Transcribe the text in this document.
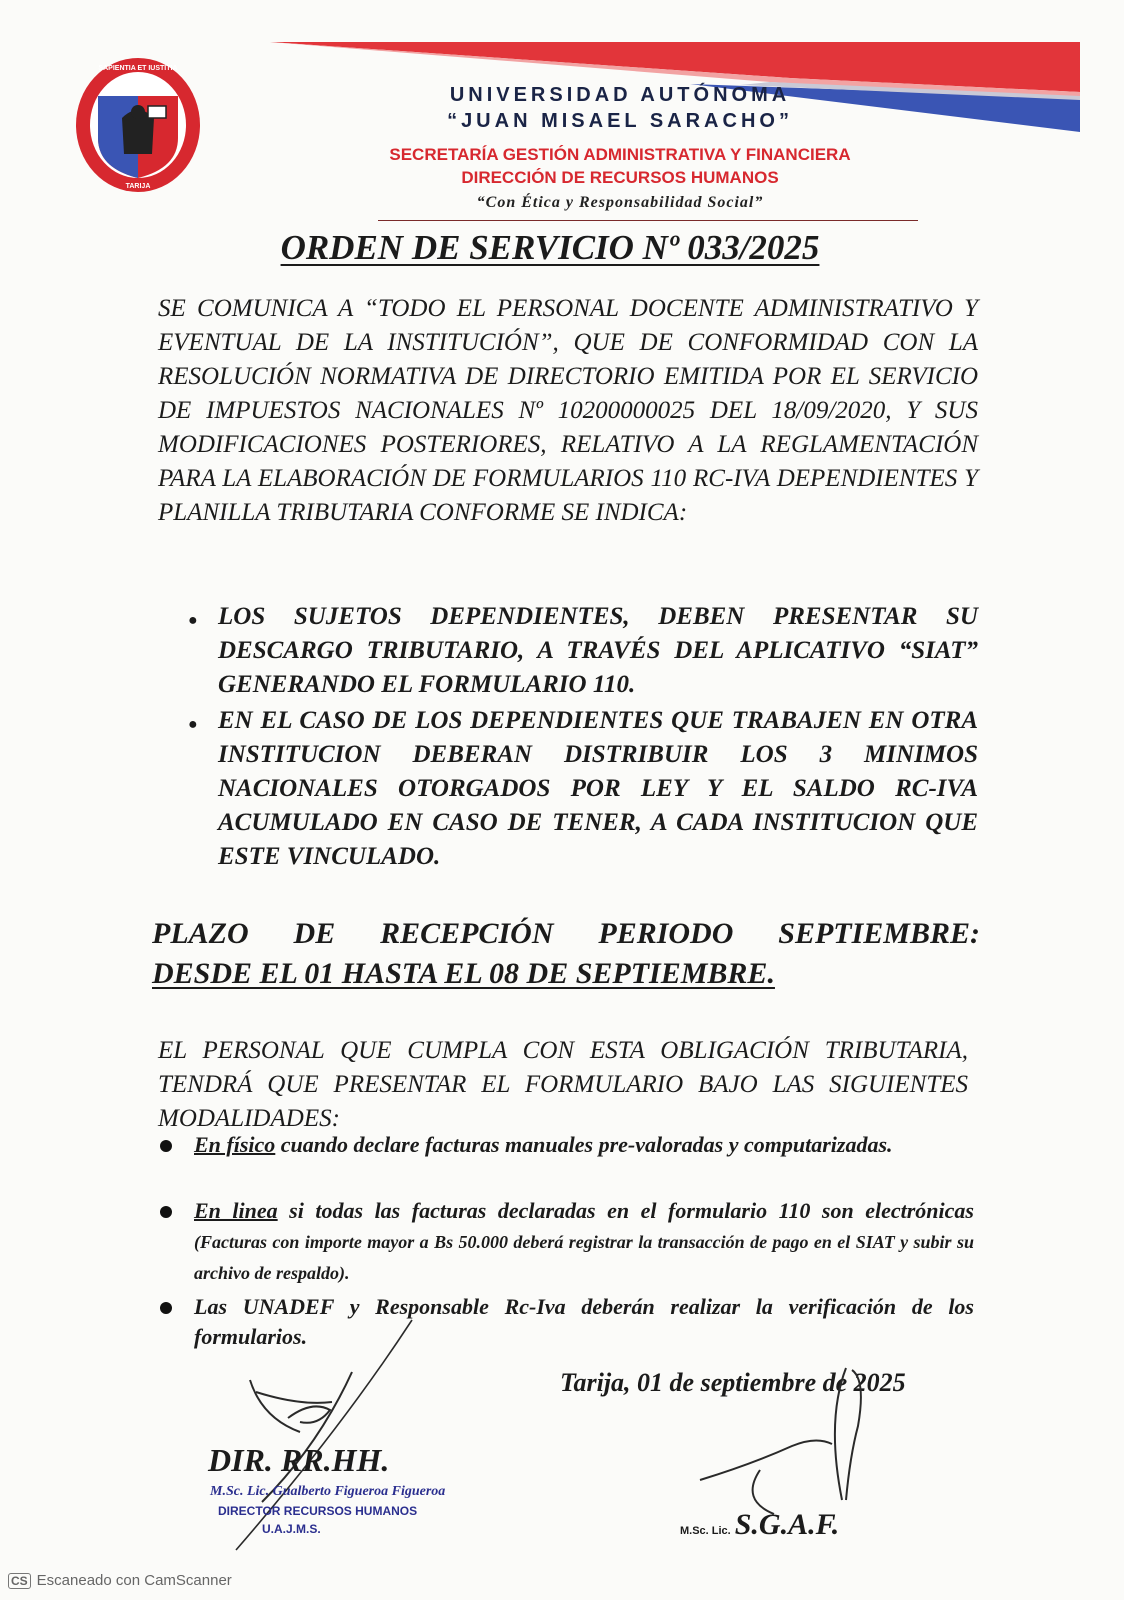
SAPIENTIA ET IUSTITIA
TARIJA
UNIVERSIDAD AUTÓNOMA
“JUAN MISAEL SARACHO”
SECRETARÍA GESTIÓN ADMINISTRATIVA Y FINANCIERA
DIRECCIÓN DE RECURSOS HUMANOS
“Con Ética y Responsabilidad Social”
ORDEN DE SERVICIO Nº 033/2025
SE COMUNICA A “TODO EL PERSONAL DOCENTE ADMINISTRATIVO Y EVENTUAL DE LA INSTITUCIÓN”, QUE DE CONFORMIDAD CON LA RESOLUCIÓN NORMATIVA DE DIRECTORIO EMITIDA POR EL SERVICIO DE IMPUESTOS NACIONALES Nº 10200000025 DEL 18/09/2020, Y SUS MODIFICACIONES POSTERIORES, RELATIVO A LA REGLAMENTACIÓN PARA LA ELABORACIÓN DE FORMULARIOS 110 RC-IVA DEPENDIENTES Y PLANILLA TRIBUTARIA CONFORME SE INDICA:
● LOS SUJETOS DEPENDIENTES, DEBEN PRESENTAR SU DESCARGO TRIBUTARIO, A TRAVÉS DEL APLICATIVO “SIAT” GENERANDO EL FORMULARIO 110.
● EN EL CASO DE LOS DEPENDIENTES QUE TRABAJEN EN OTRA INSTITUCION DEBERAN DISTRIBUIR LOS 3 MINIMOS NACIONALES OTORGADOS POR LEY Y EL SALDO RC-IVA ACUMULADO EN CASO DE TENER, A CADA INSTITUCION QUE ESTE VINCULADO.
PLAZO DE RECEPCIÓN PERIODO SEPTIEMBRE:
DESDE EL 01 HASTA EL 08 DE SEPTIEMBRE.
EL PERSONAL QUE CUMPLA CON ESTA OBLIGACIÓN TRIBUTARIA, TENDRÁ QUE PRESENTAR EL FORMULARIO BAJO LAS SIGUIENTES MODALIDADES:
En físico cuando declare facturas manuales pre-valoradas y computarizadas.
En linea si todas las facturas declaradas en el formulario 110 son electrónicas (Facturas con importe mayor a Bs 50.000 deberá registrar la transacción de pago en el SIAT y subir su archivo de respaldo).
Las UNADEF y Responsable Rc-Iva deberán realizar la verificación de los formularios.
Tarija, 01 de septiembre de 2025
DIR. RR.HH.
M.Sc. Lic. Gualberto Figueroa Figueroa
DIRECTOR RECURSOS HUMANOS
U.A.J.M.S.	M.Sc. Lic. S.G.A.F.
CS Escaneado con CamScanner
